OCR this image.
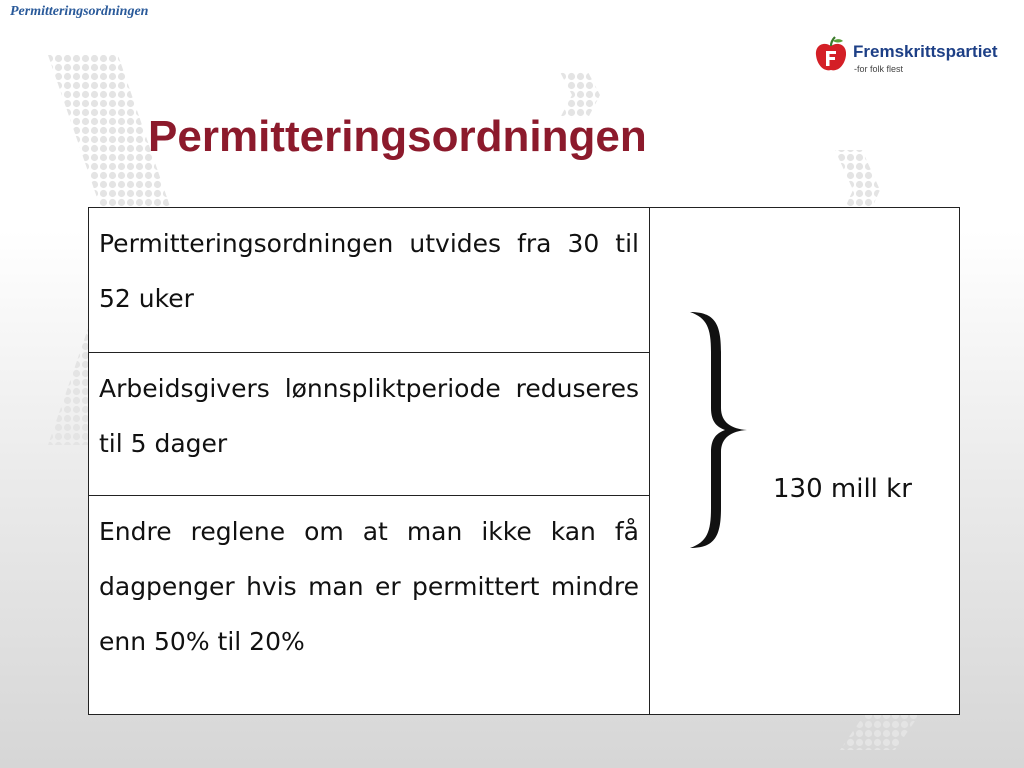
Permitteringsordningen
Fremskrittspartiet
-for folk flest
Permitteringsordningen
Permitteringsordningen utvides fra 30 til 52 uker
Arbeidsgivers lønnspliktperiode reduseres til 5 dager
Endre reglene om at man ikke kan få dagpenger hvis man er permittert mindre enn 50% til 20%
130 mill kr
